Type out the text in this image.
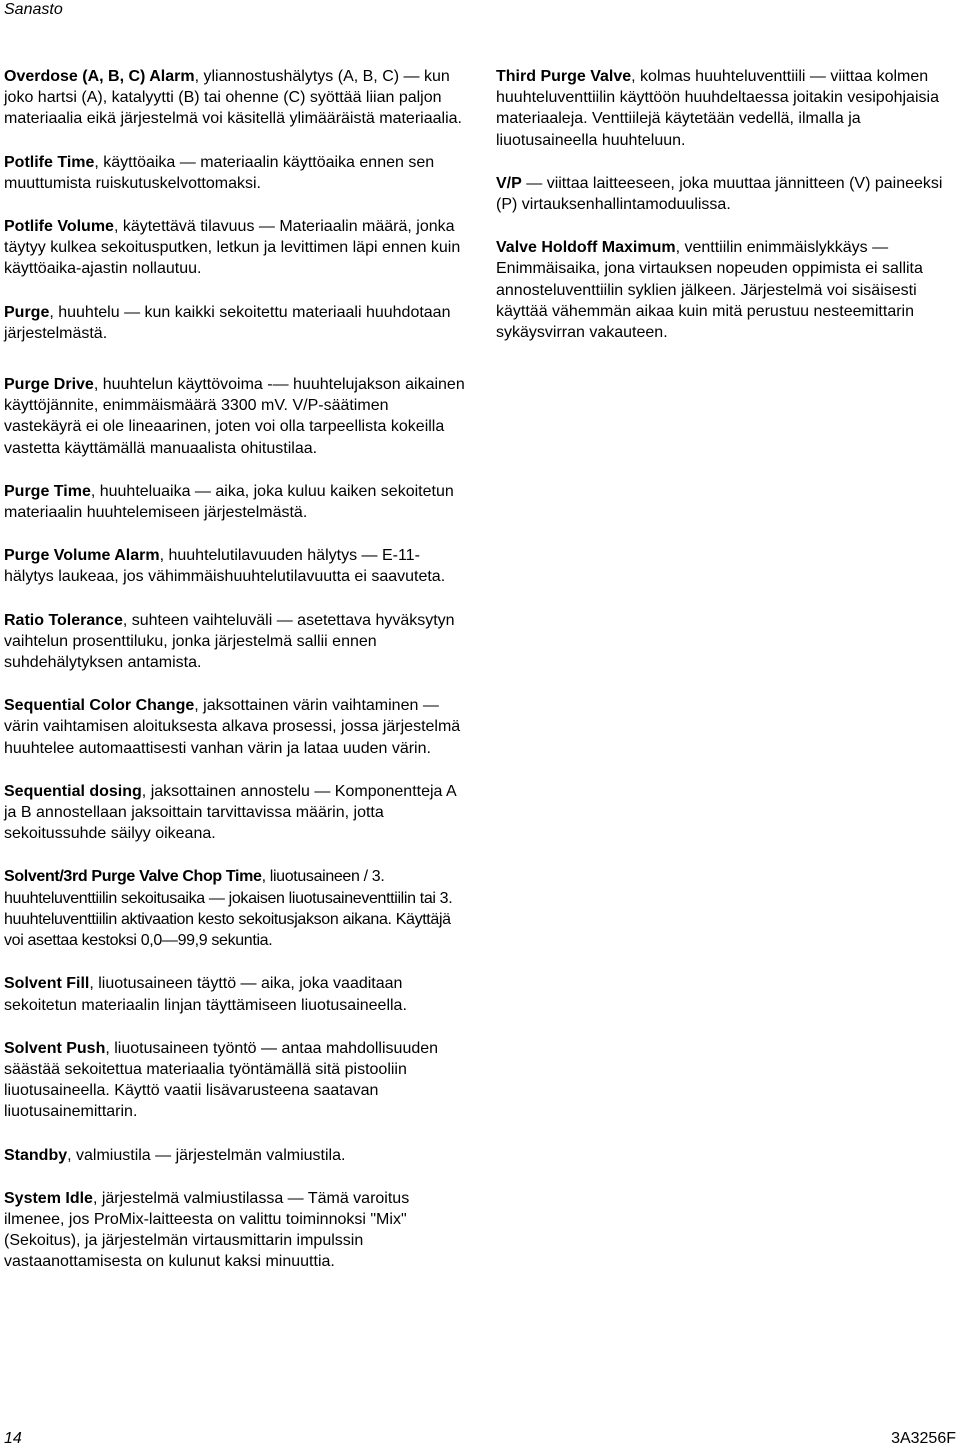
Sanasto

Overdose (A, B, C) Alarm, yliannostushälytys (A, B, C) — kun joko hartsi (A), katalyytti (B) tai ohenne (C) syöttää liian paljon materiaalia eikä järjestelmä voi käsitellä ylimääräistä materiaalia.

Potlife Time, käyttöaika — materiaalin käyttöaika ennen sen muuttumista ruiskutuskelvottomaksi.

Potlife Volume, käytettävä tilavuus — Materiaalin määrä, jonka täytyy kulkea sekoitusputken, letkun ja levittimen läpi ennen kuin käyttöaika-ajastin nollautuu.

Purge, huuhtelu — kun kaikki sekoitettu materiaali huuhdotaan järjestelmästä.

Purge Drive, huuhtelun käyttövoima -— huuhtelujakson aikainen käyttöjännite, enimmäismäärä 3300 mV. V/P-säätimen vastekäyrä ei ole lineaarinen, joten voi olla tarpeellista kokeilla vastetta käyttämällä manuaalista ohitustilaa.

Purge Time, huuhteluaika — aika, joka kuluu kaiken sekoitetun materiaalin huuhtelemiseen järjestelmästä.

Purge Volume Alarm, huuhtelutilavuuden hälytys — E-11-hälytys laukeaa, jos vähimmäishuuhtelutilavuutta ei saavuteta.

Ratio Tolerance, suhteen vaihteluväli — asetettava hyväksytyn vaihtelun prosenttiluku, jonka järjestelmä sallii ennen suhdehälytyksen antamista.

Sequential Color Change, jaksottainen värin vaihtaminen — värin vaihtamisen aloituksesta alkava prosessi, jossa järjestelmä huuhtelee automaattisesti vanhan värin ja lataa uuden värin.

Sequential dosing, jaksottainen annostelu — Komponentteja A ja B annostellaan jaksoittain tarvittavissa määrin, jotta sekoitussuhde säilyy oikeana.

Solvent/3rd Purge Valve Chop Time, liuotusaineen / 3. huuhteluventtiilin sekoitusaika — jokaisen liuotusaineventtiilin tai 3. huuhteluventtiilin aktivaation kesto sekoitusjakson aikana. Käyttäjä voi asettaa kestoksi 0,0—99,9 sekuntia.

Solvent Fill, liuotusaineen täyttö — aika, joka vaaditaan sekoitetun materiaalin linjan täyttämiseen liuotusaineella.

Solvent Push, liuotusaineen työntö — antaa mahdollisuuden säästää sekoitettua materiaalia työntämällä sitä pistooliin liuotusaineella. Käyttö vaatii lisävarusteena saatavan liuotusainemittarin.

Standby, valmiustila — järjestelmän valmiustila.

System Idle, järjestelmä valmiustilassa — Tämä varoitus ilmenee, jos ProMix-laitteesta on valittu toiminnoksi "Mix" (Sekoitus), ja järjestelmän virtausmittarin impulssin vastaanottamisesta on kulunut kaksi minuuttia.

Third Purge Valve, kolmas huuhteluventtiili — viittaa kolmen huuhteluventtiilin käyttöön huuhdeltaessa joitakin vesipohjaisia materiaaleja. Venttiilejä käytetään vedellä, ilmalla ja liuotusaineella huuhteluun.

V/P — viittaa laitteeseen, joka muuttaa jännitteen (V) paineeksi (P) virtauksenhallintamoduulissa.

Valve Holdoff Maximum, venttiilin enimmäislykkäys — Enimmäisaika, jona virtauksen nopeuden oppimista ei sallita annosteluventtiilin syklien jälkeen. Järjestelmä voi sisäisesti käyttää vähemmän aikaa kuin mitä perustuu nesteemittarin sykäysvirran vakauteen.

14	3A3256F
